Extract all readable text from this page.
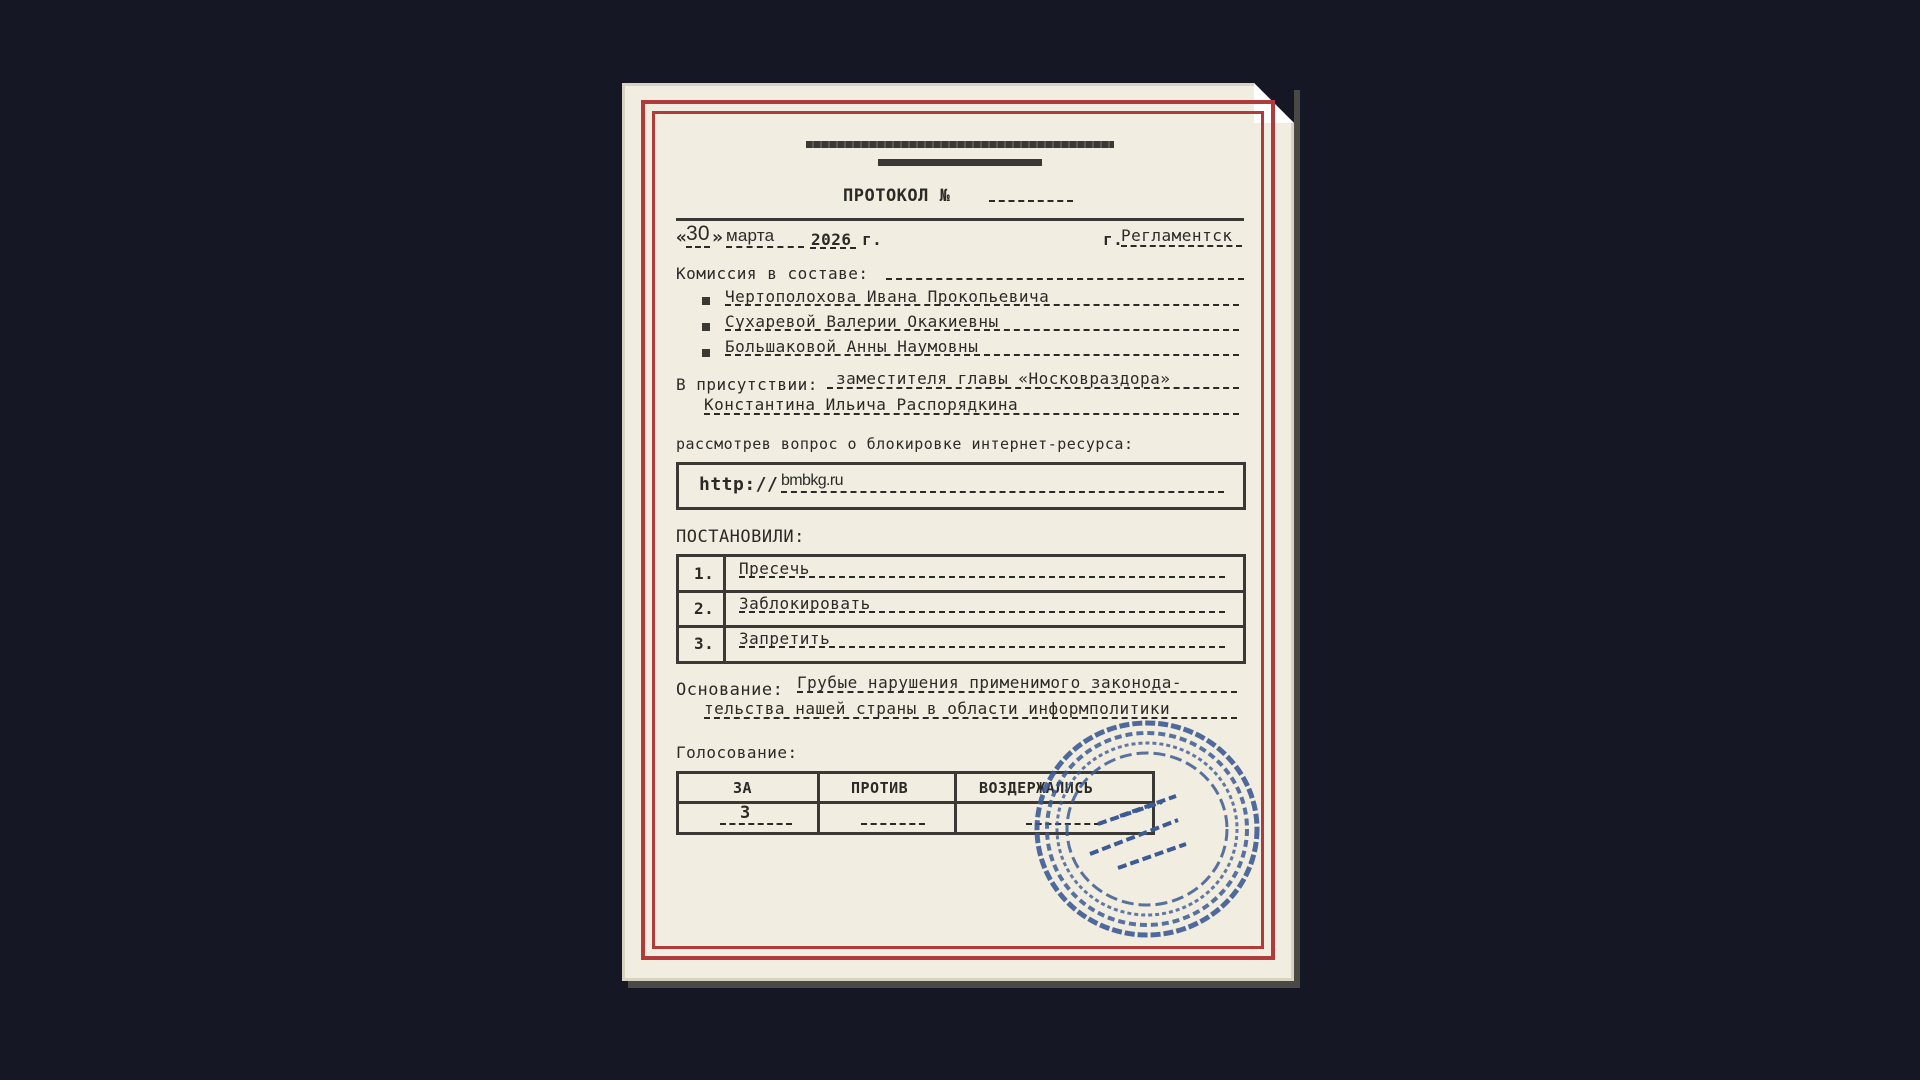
ПРОТОКОЛ №
«
30 » марта 2026 г.	г.
Регламентск
Комиссия в составе:
Чертополохова Ивана Прокопьевича
Сухаревой Валерии Окакиевны
Большаковой Анны Наумовны
В присутствии: заместителя главы «Носковраздора»
Константина Ильича Распорядкина
рассмотрев вопрос о блокировке интернет-ресурса:
http:// bmbkg.ru
ПОСТАНОВИЛИ:
1. Пресечь
2. Заблокировать
3. Запретить
Основание: Грубые нарушения применимого законода-
тельства нашей страны в области информполитики
Голосование:
ЗА	ПРОТИВ	ВОЗДЕРЖАЛИСЬ
3
